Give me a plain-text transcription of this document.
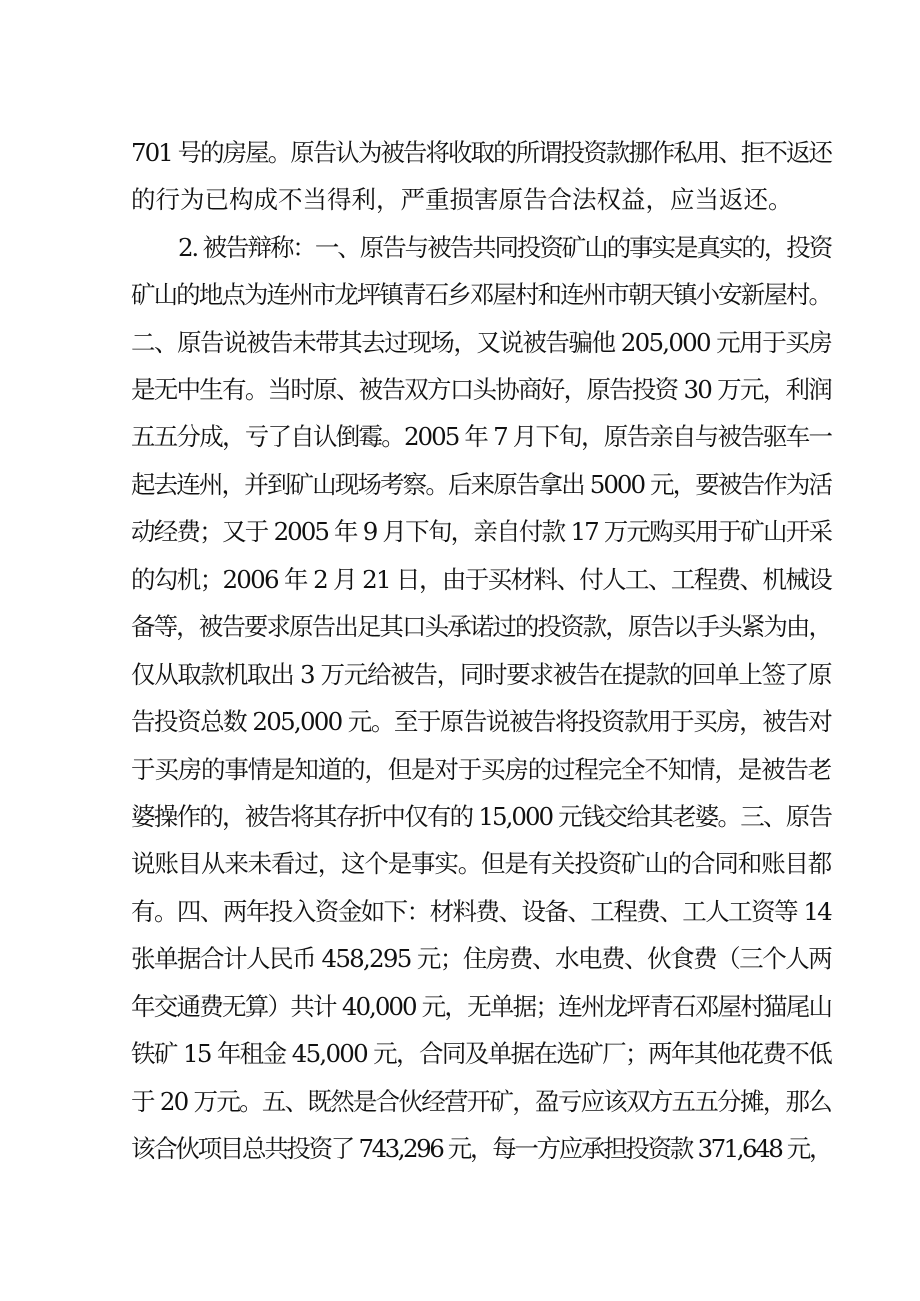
701 号的房屋。原告认为被告将收取的所谓投资款挪作私用、拒不返还
的行为已构成不当得利，严重损害原告合法权益，应当返还。
2. 被告辩称：一、原告与被告共同投资矿山的事实是真实的，投资
矿山的地点为连州市龙坪镇青石乡邓屋村和连州市朝天镇小安新屋村。
二、原告说被告未带其去过现场，又说被告骗他 205,000 元用于买房
是无中生有。当时原、被告双方口头协商好，原告投资 30 万元，利润
五五分成，亏了自认倒霉。2005 年 7 月下旬，原告亲自与被告驱车一
起去连州，并到矿山现场考察。后来原告拿出 5000 元，要被告作为活
动经费；又于 2005 年 9 月下旬，亲自付款 17 万元购买用于矿山开采
的勾机；2006 年 2 月 21 日，由于买材料、付人工、工程费、机械设
备等，被告要求原告出足其口头承诺过的投资款，原告以手头紧为由，
仅从取款机取出 3 万元给被告，同时要求被告在提款的回单上签了原
告投资总数 205,000 元。至于原告说被告将投资款用于买房，被告对
于买房的事情是知道的，但是对于买房的过程完全不知情，是被告老
婆操作的，被告将其存折中仅有的 15,000 元钱交给其老婆。三、原告
说账目从来未看过，这个是事实。但是有关投资矿山的合同和账目都
有。四、两年投入资金如下：材料费、设备、工程费、工人工资等 14
张单据合计人民币 458,295 元；住房费、水电费、伙食费（三个人两
年交通费无算）共计 40,000 元，无单据；连州龙坪青石邓屋村猫尾山
铁矿 15 年租金 45,000 元，合同及单据在选矿厂；两年其他花费不低
于 20 万元。五、既然是合伙经营开矿，盈亏应该双方五五分摊，那么
该合伙项目总共投资了 743,296 元，每一方应承担投资款 371,648 元，
